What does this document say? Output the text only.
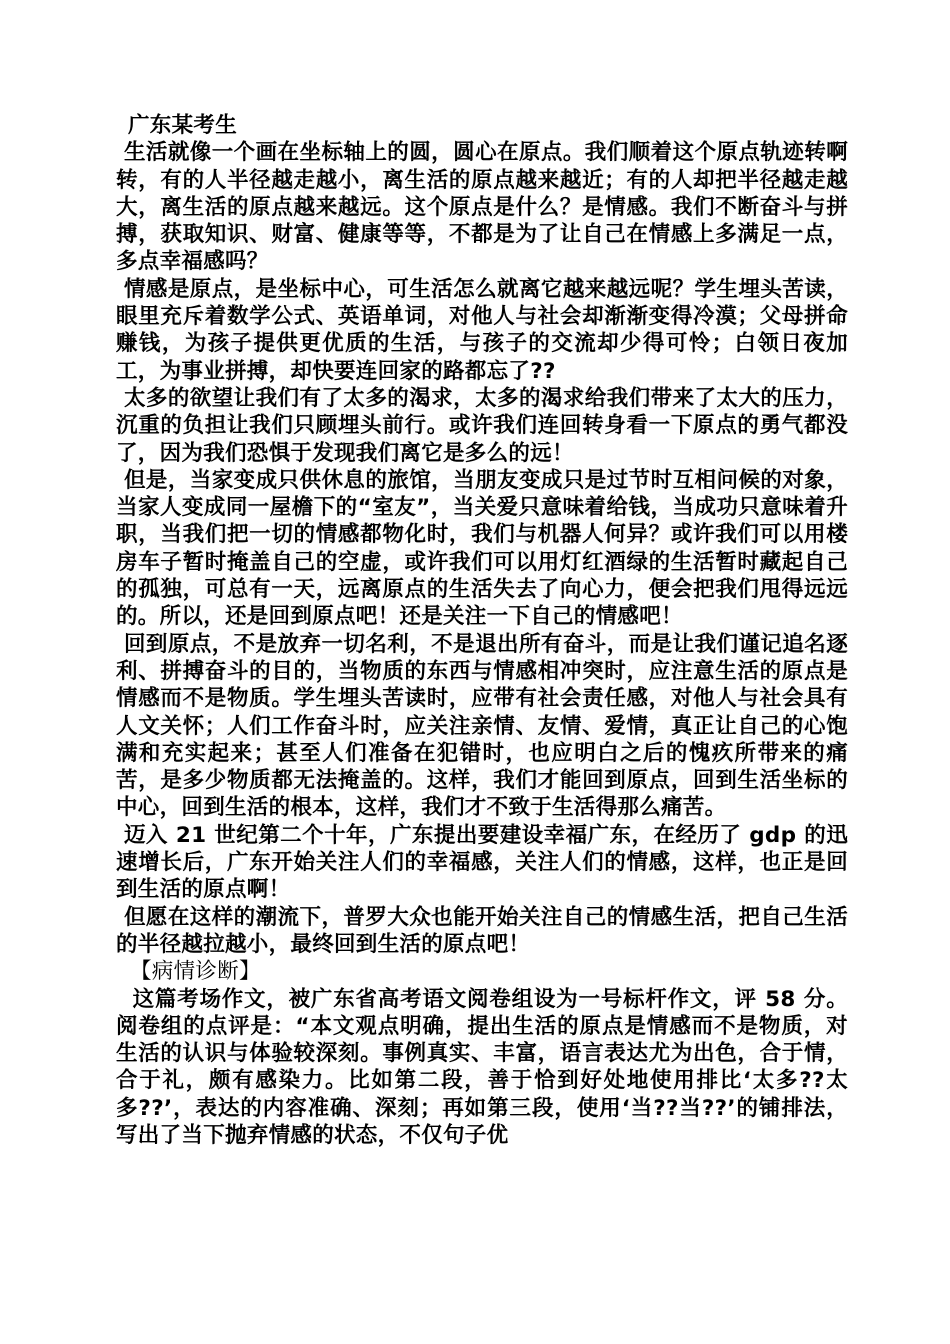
广东某考生

生活就像一个画在坐标轴上的圆，圆心在原点。我们顺着这个原点轨迹转啊转，有的人半径越走越小，离生活的原点越来越近；有的人却把半径越走越大，离生活的原点越来越远。这个原点是什么？是情感。我们不断奋斗与拼搏，获取知识、财富、健康等等，不都是为了让自己在情感上多满足一点，多点幸福感吗？

情感是原点，是坐标中心，可生活怎么就离它越来越远呢？学生埋头苦读，眼里充斥着数学公式、英语单词，对他人与社会却渐渐变得冷漠；父母拼命赚钱，为孩子提供更优质的生活，与孩子的交流却少得可怜；白领日夜加工，为事业拼搏，却快要连回家的路都忘了??

太多的欲望让我们有了太多的渴求，太多的渴求给我们带来了太大的压力，沉重的负担让我们只顾埋头前行。或许我们连回转身看一下原点的勇气都没了，因为我们恐惧于发现我们离它是多么的远！

但是，当家变成只供休息的旅馆，当朋友变成只是过节时互相问候的对象，当家人变成同一屋檐下的“室友”，当关爱只意味着给钱，当成功只意味着升职，当我们把一切的情感都物化时，我们与机器人何异？或许我们可以用楼房车子暂时掩盖自己的空虚，或许我们可以用灯红酒绿的生活暂时藏起自己的孤独，可总有一天，远离原点的生活失去了向心力，便会把我们甩得远远的。所以，还是回到原点吧！还是关注一下自己的情感吧！

回到原点，不是放弃一切名利，不是退出所有奋斗，而是让我们谨记追名逐利、拼搏奋斗的目的，当物质的东西与情感相冲突时，应注意生活的原点是情感而不是物质。学生埋头苦读时，应带有社会责任感，对他人与社会具有人文关怀；人们工作奋斗时，应关注亲情、友情、爱情，真正让自己的心饱满和充实起来；甚至人们准备在犯错时，也应明白之后的愧疚所带来的痛苦，是多少物质都无法掩盖的。这样，我们才能回到原点，回到生活坐标的中心，回到生活的根本，这样，我们才不致于生活得那么痛苦。

迈入 21 世纪第二个十年，广东提出要建设幸福广东，在经历了 gdp 的迅速增长后，广东开始关注人们的幸福感，关注人们的情感，这样，也正是回到生活的原点啊！

但愿在这样的潮流下，普罗大众也能开始关注自己的情感生活，把自己生活的半径越拉越小，最终回到生活的原点吧！

【病情诊断】

这篇考场作文，被广东省高考语文阅卷组设为一号标杆作文，评 58 分。阅卷组的点评是：“本文观点明确，提出生活的原点是情感而不是物质，对生活的认识与体验较深刻。事例真实、丰富，语言表达尤为出色，合于情，合于礼，颇有感染力。比如第二段，善于恰到好处地使用排比‘太多??太多??’，表达的内容准确、深刻；再如第三段，使用‘当??当??’的铺排法，写出了当下抛弃情感的状态，不仅句子优
